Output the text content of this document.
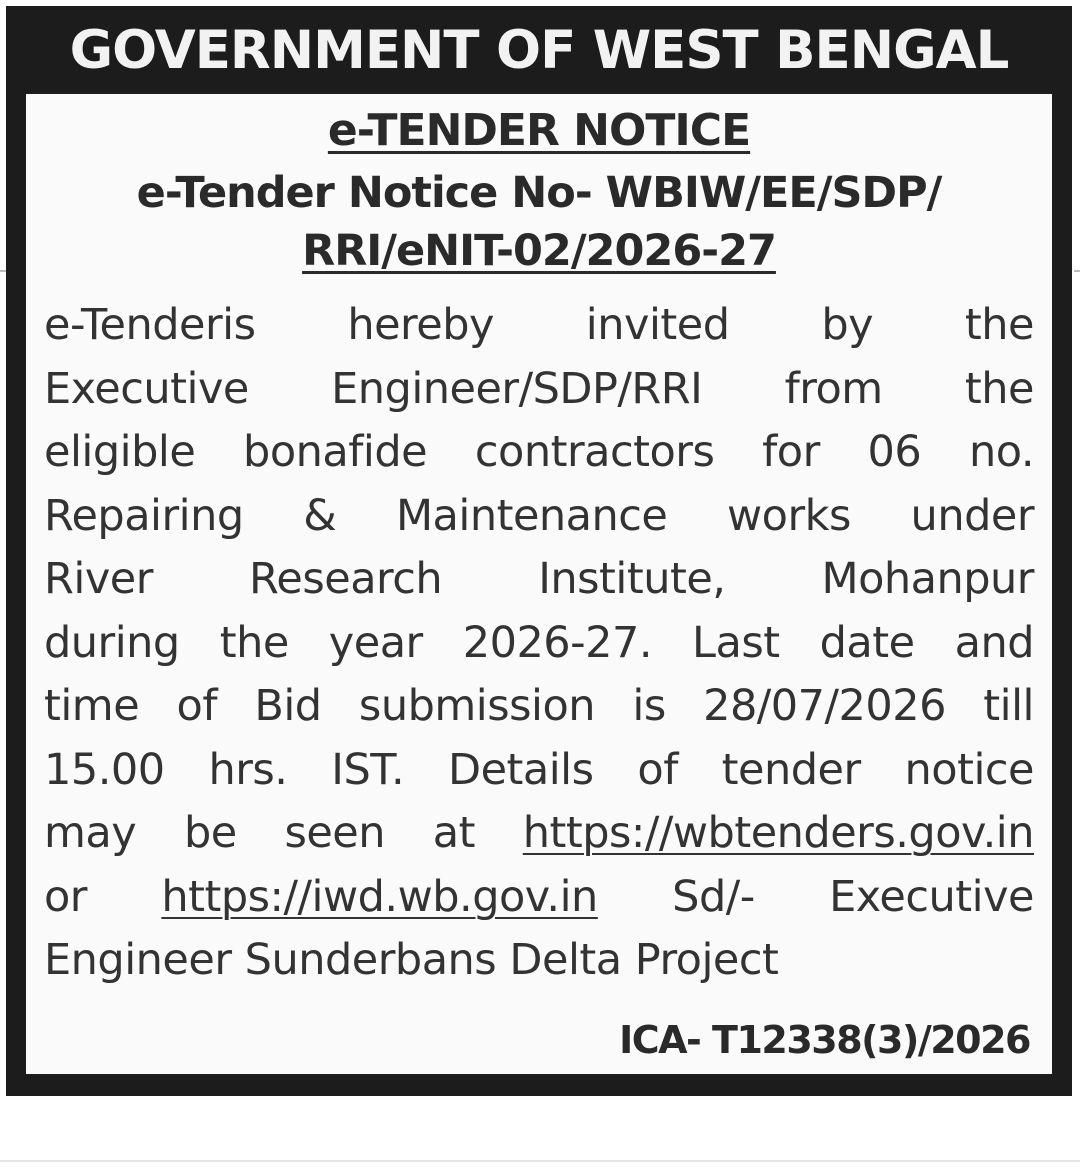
GOVERNMENT OF WEST BENGAL

e-TENDER NOTICE

e-Tender Notice No- WBIW/EE/SDP/
RRI/eNIT-02/2026-27

e-Tenderis hereby invited by the
Executive Engineer/SDP/RRI from the
eligible bonafide contractors for 06 no.
Repairing & Maintenance works under
River Research Institute, Mohanpur
during the year 2026-27. Last date and
time of Bid submission is 28/07/2026 till
15.00 hrs. IST. Details of tender notice
may be seen at https://wbtenders.gov.in
or https://iwd.wb.gov.in Sd/- Executive
Engineer Sunderbans Delta Project
ICA- T12338(3)/2026
